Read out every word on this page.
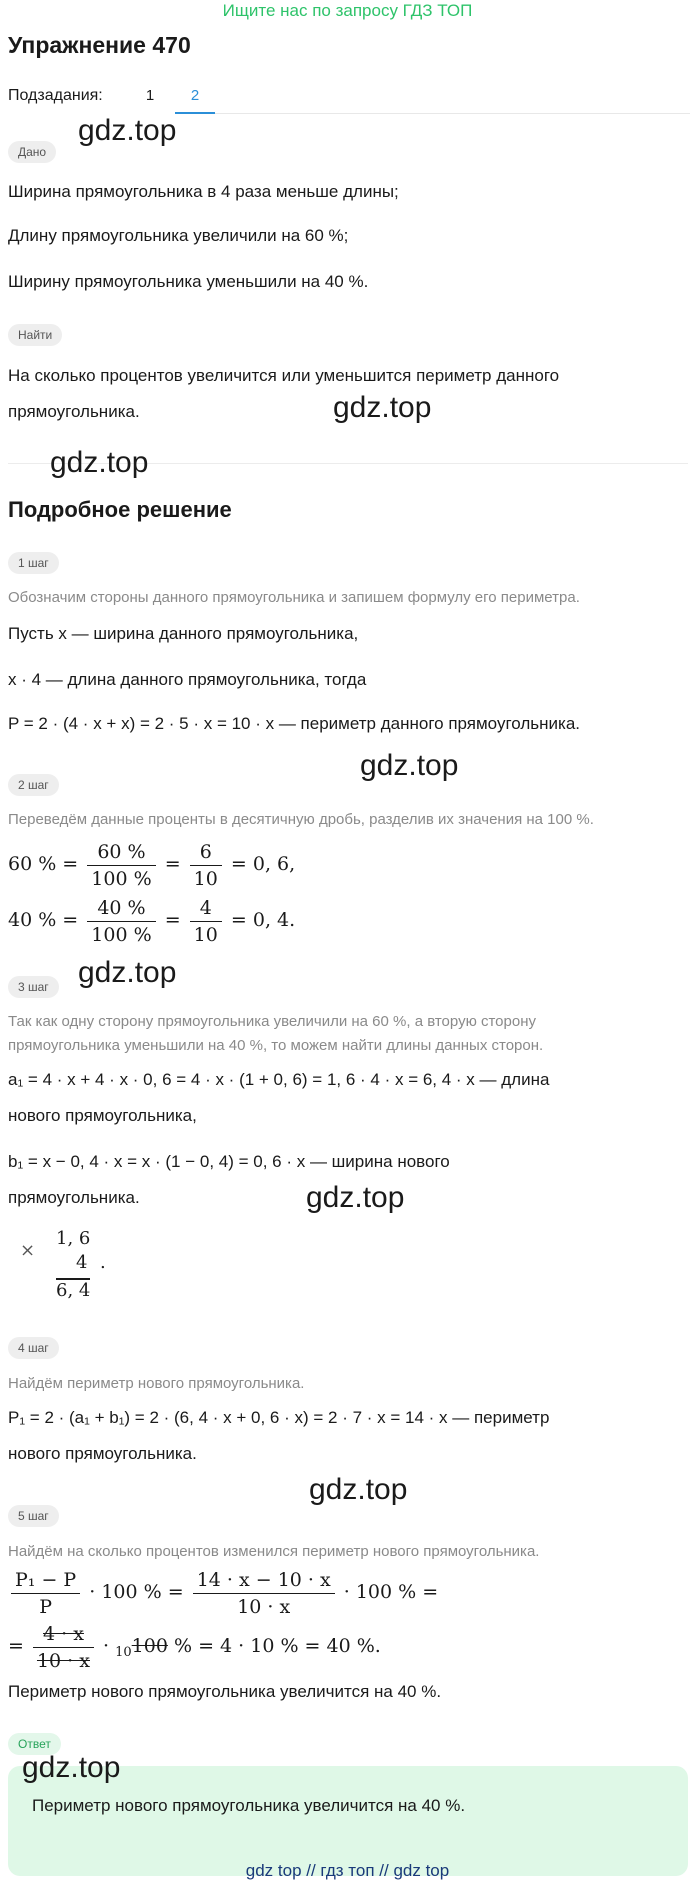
Ищите нас по запросу ГДЗ ТОП
Упражнение 470
Подзадания:	1	2
gdz.top
Дано
Ширина прямоугольника в 4 раза меньше длины;
Длину прямоугольника увеличили на 60 %;
Ширину прямоугольника уменьшили на 40 %.
Найти
На сколько процентов увеличится или уменьшится периметр данного
прямоугольника.	gdz.top
gdz.top
Подробное решение
1 шаг
Обозначим стороны данного прямоугольника и запишем формулу его периметра.
Пусть x — ширина данного прямоугольника,
x · 4 — длина данного прямоугольника, тогда
P = 2 · (4 · x + x) = 2 · 5 · x = 10 · x — периметр данного прямоугольника.
gdz.top
2 шаг
Переведём данные проценты в десятичную дробь, разделив их значения на 100 %.
60 % = $\frac{60 \%}{100 \%} = \frac{6}{10} = 0$, 6,
40 % = $\frac{40 \%}{100 \%} = \frac{4}{10} = 0$, 4.
3 шаг gdz.top
Так как одну сторону прямоугольника увеличили на 60 %, а вторую сторону
прямоугольника уменьшили на 40 %, то можем найти длины данных сторон.
a₁ = 4 · x + 4 · x · 0, 6 = 4 · x · (1 + 0, 6) = 1, 6 · 4 · x = 6, 4 · x — длина
нового прямоугольника,
b₁ = x − 0, 4 · x = x · (1 − 0, 4) = 0, 6 · x — ширина нового
прямоугольника.	gdz.top
×
1, 6
4
6, 4
.
4 шаг
Найдём периметр нового прямоугольника.
P₁ = 2 · (a₁ + b₁) = 2 · (6, 4 · x + 0, 6 · x) = 2 · 7 · x = 14 · x — периметр
нового прямоугольника.
gdz.top
5 шаг
Найдём на сколько процентов изменился периметр нового прямоугольника.
$\frac{\text{P₁ − P}}{P} \cdot 100$ % = $\frac{14 \cdot x - 10 \cdot x}{10 \cdot x} \cdot 100$ % =
= $\frac{4 \cdot x}{10 \cdot x} \cdot _{10}100$ % = 4 · 10 % = 40 %.
Периметр нового прямоугольника увеличится на 40 %.
Ответ
gdz.top
Периметр нового прямоугольника увеличится на 40 %.
gdz top // гдз топ // gdz top
